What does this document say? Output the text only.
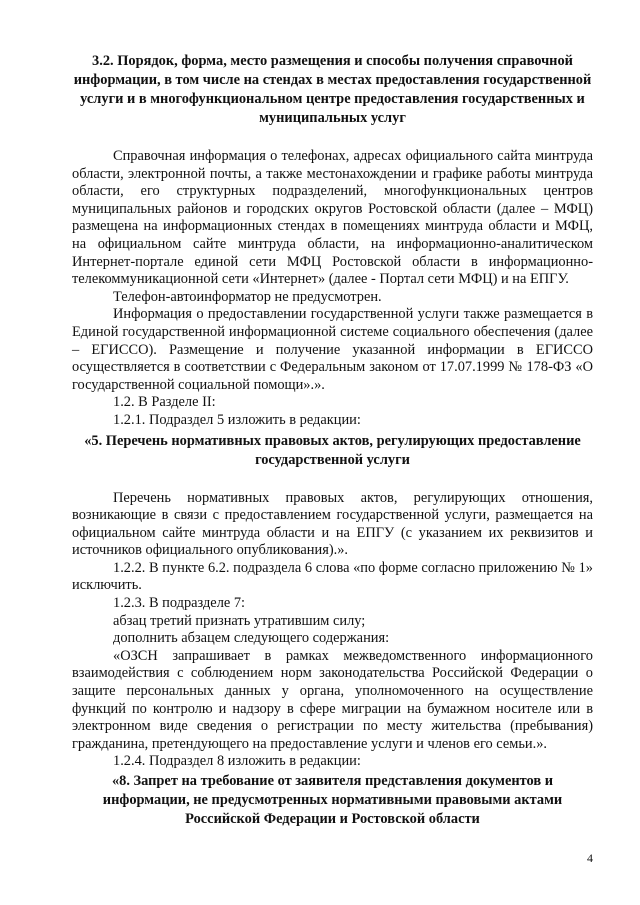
3.2. Порядок, форма, место размещения и способы получения справочной информации, в том числе на стендах в местах предоставления государственной услуги и в многофункциональном центре предоставления государственных и муниципальных услуг

Справочная информация о телефонах, адресах официального сайта минтруда области, электронной почты, а также местонахождении и графике работы минтруда области, его структурных подразделений, многофункциональных центров муниципальных районов и городских округов Ростовской области (далее – МФЦ) размещена на информационных стендах в помещениях минтруда области и МФЦ, на официальном сайте минтруда области, на информационно-аналитическом Интернет-портале единой сети МФЦ Ростовской области в информационно-телекоммуникационной сети «Интернет» (далее - Портал сети МФЦ) и на ЕПГУ.

Телефон-автоинформатор не предусмотрен.

Информация о предоставлении государственной услуги также размещается в Единой государственной информационной системе социального обеспечения (далее – ЕГИССО). Размещение и получение указанной информации в ЕГИССО осуществляется в соответствии с Федеральным законом от 17.07.1999 № 178-ФЗ «О государственной социальной помощи».».

1.2. В Разделе II:

1.2.1. Подраздел 5 изложить в редакции:

«5. Перечень нормативных правовых актов, регулирующих предоставление государственной услуги

Перечень нормативных правовых актов, регулирующих отношения, возникающие в связи с предоставлением государственной услуги, размещается на официальном сайте минтруда области и на ЕПГУ (с указанием их реквизитов и источников официального опубликования).».

1.2.2. В пункте 6.2. подраздела 6 слова «по форме согласно приложению № 1» исключить.

1.2.3. В подразделе 7:

абзац третий признать утратившим силу;

дополнить абзацем следующего содержания:

«ОЗСН запрашивает в рамках межведомственного информационного взаимодействия с соблюдением норм законодательства Российской Федерации о защите персональных данных у органа, уполномоченного на осуществление функций по контролю и надзору в сфере миграции на бумажном носителе или в электронном виде сведения о регистрации по месту жительства (пребывания) гражданина, претендующего на предоставление услуги и членов его семьи.».

1.2.4. Подраздел 8 изложить в редакции:

«8. Запрет на требование от заявителя представления документов и информации, не предусмотренных нормативными правовыми актами Российской Федерации и Ростовской области

4
